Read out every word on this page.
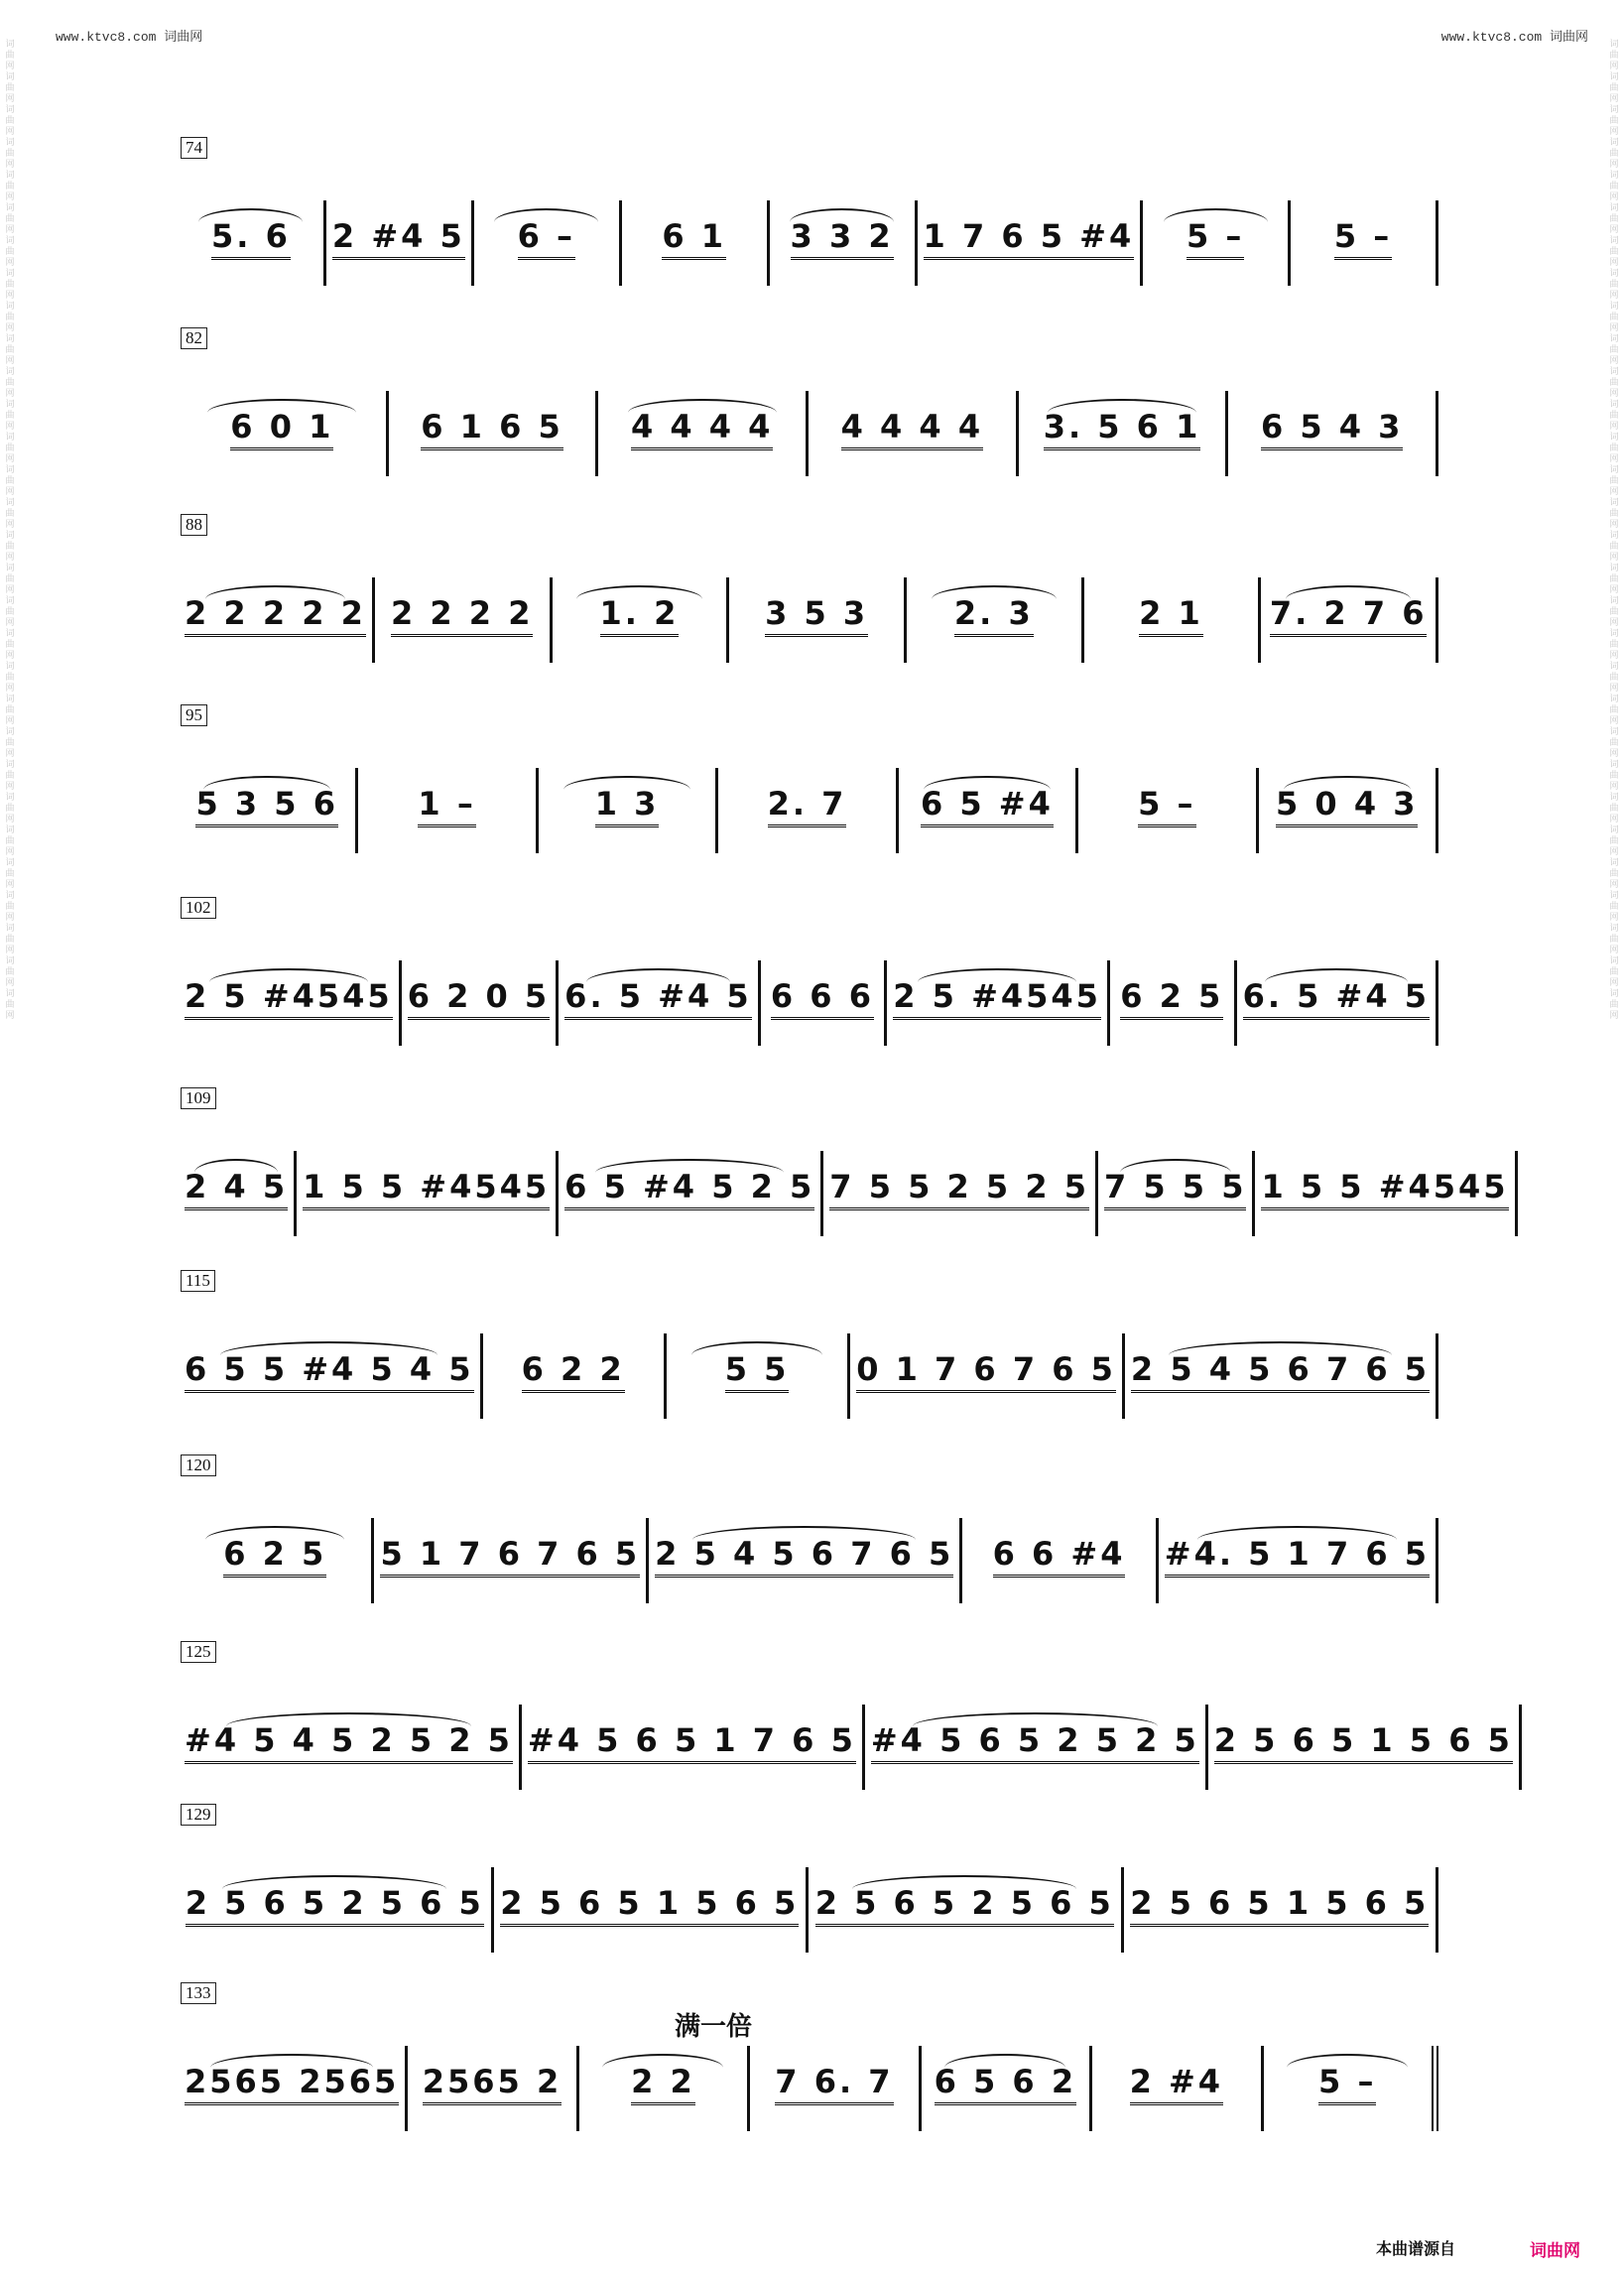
词曲网 词曲网 词曲网 词曲网 词曲网 词曲网 词曲网 词曲网 词曲网 词曲网 词曲网 词曲网 词曲网 词曲网 词曲网 词曲网 词曲网 词曲网 词曲网 词曲网 词曲网 词曲网 词曲网 词曲网 词曲网 词曲网 词曲网 词曲网 词曲网 词曲网
词曲网 词曲网 词曲网 词曲网 词曲网 词曲网 词曲网 词曲网 词曲网 词曲网 词曲网 词曲网 词曲网 词曲网 词曲网 词曲网 词曲网 词曲网 词曲网 词曲网 词曲网 词曲网 词曲网 词曲网 词曲网 词曲网 词曲网 词曲网 词曲网 词曲网
www.ktvc8.com 词曲网	www.ktvc8.com 词曲网
74
5. 6 2 #4 5 6 –	6 1 3 3 2 1 7 6 5 #4 5 –	5 –
82
6 0 1	6 1 6 5 4 4 4 4 4 4 4 4 3. 5 6 1 6 5 4 3
88
2 2 2 2 2 2 2 2 2 1. 2	3 5 3	2. 3	2 1 7. 2 7 6
95
5 3 5 6	1 –	1 3	2. 7 6 5 #4	5 –	5 0 4 3
102
2 5 #4545 6 2 0 5 6. 5 #4 5 6 6 6 2 5 #4545 6 2 5 6. 5 #4 5
109
2 4 5 1 5 5 #4545 6 5 #4 5 2 5 7 5 5 2 5 2 5 7 5 5 5 1 5 5 #4545
115
6 5 5 #4 5 4 5 6 2 2	5 5 0 1 7 6 7 6 5 2 5 4 5 6 7 6 5
120
6 2 5 5 1 7 6 7 6 5 2 5 4 5 6 7 6 5 6 6 #4 #4. 5 1 7 6 5
125
#4 5 4 5 2 5 2 5 #4 5 6 5 1 7 6 5 #4 5 6 5 2 5 2 5 2 5 6 5 1 5 6 5
129
2 5 6 5 2 5 6 5 2 5 6 5 1 5 6 5 2 5 6 5 2 5 6 5 2 5 6 5 1 5 6 5
133
2565 2565 2565 2 2 2	7 6. 7 6 5 6 2 2 #4	5 –
满一倍
本曲谱源自	词曲网
